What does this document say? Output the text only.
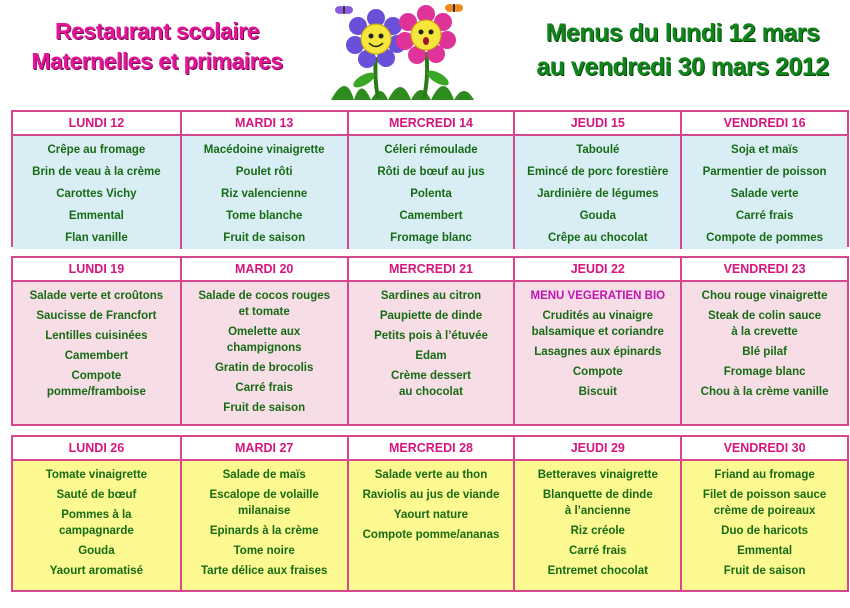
Restaurant scolaire
Maternelles et primaires
Menus du lundi 12 mars
au vendredi 30 mars 2012
LUNDI 12
Crêpe au fromage
Brin de veau à la crème
Carottes Vichy
Emmental
Flan vanille
MARDI 13
Macédoine vinaigrette
Poulet rôti
Riz valencienne
Tome blanche
Fruit de saison
MERCREDI 14
Céleri rémoulade
Rôti de bœuf au jus
Polenta
Camembert
Fromage blanc
JEUDI 15
Taboulé
Emincé de porc forestière
Jardinière de légumes
Gouda
Crêpe au chocolat
VENDREDI 16
Soja et maïs
Parmentier de poisson
Salade verte
Carré frais
Compote de pommes
LUNDI 19
Salade verte et croûtons
Saucisse de Francfort
Lentilles cuisinées
Camembert
Compote
pomme/framboise
MARDI 20
Salade de cocos rouges
et tomate
Omelette aux
champignons
Gratin de brocolis
Carré frais
Fruit de saison
MERCREDI 21
Sardines au citron
Paupiette de dinde
Petits pois à l’étuvée
Edam
Crème dessert
au chocolat
JEUDI 22
MENU VEGERATIEN BIO
Crudités au vinaigre
balsamique et coriandre
Lasagnes aux épinards
Compote
Biscuit
VENDREDI 23
Chou rouge vinaigrette
Steak de colin sauce
à la crevette
Blé pilaf
Fromage blanc
Chou à la crème vanille
LUNDI 26
Tomate vinaigrette
Sauté de bœuf
Pommes à la
campagnarde
Gouda
Yaourt aromatisé
MARDI 27
Salade de maïs
Escalope de volaille
milanaise
Epinards à la crème
Tome noire
Tarte délice aux fraises
MERCREDI 28
Salade verte au thon
Raviolis au jus de viande
Yaourt nature
Compote pomme/ananas
JEUDI 29
Betteraves vinaigrette
Blanquette de dinde
à l’ancienne
Riz créole
Carré frais
Entremet chocolat
VENDREDI 30
Friand au fromage
Filet de poisson sauce
crème de poireaux
Duo de haricots
Emmental
Fruit de saison
